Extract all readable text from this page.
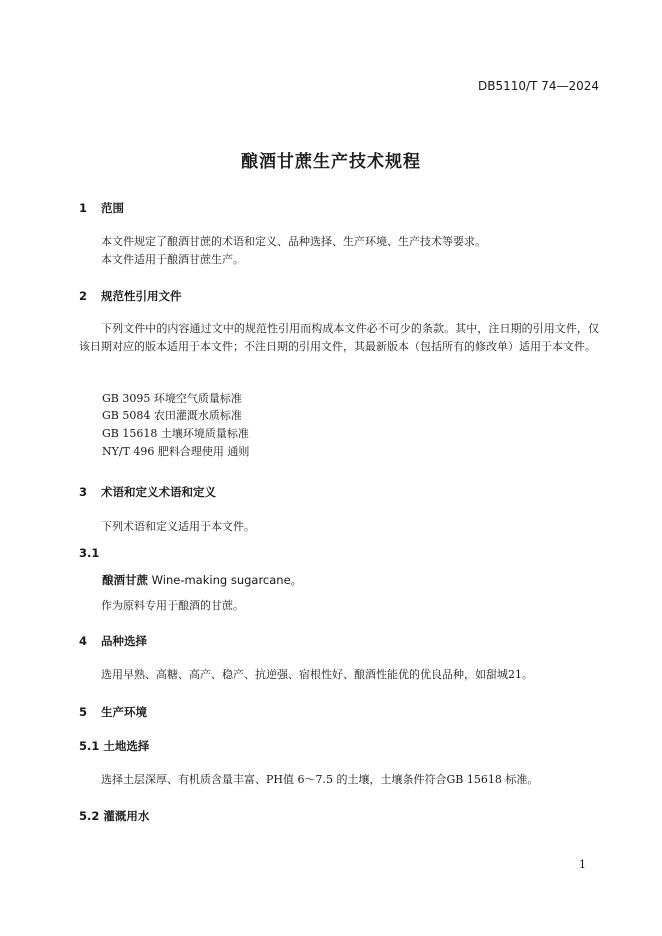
DB5110/T 74—2024
酿酒甘蔗生产技术规程
1 范围
本文件规定了酿酒甘蔗的术语和定义、品种选择、生产环境、生产技术等要求。
本文件适用于酿酒甘蔗生产。
2 规范性引用文件
下列文件中的内容通过文中的规范性引用而构成本文件必不可少的条款。其中，注日期的引用文件，仅该日期对应的版本适用于本文件；不注日期的引用文件，其最新版本（包括所有的修改单）适用于本文件。
GB 3095 环境空气质量标准
GB 5084 农田灌溉水质标准
GB 15618 土壤环境质量标准
NY/T 496 肥料合理使用 通则
3 术语和定义术语和定义
下列术语和定义适用于本文件。
3.1
酿酒甘蔗 Wine-making sugarcane。
作为原料专用于酿酒的甘蔗。
4 品种选择
选用早熟、高糖、高产、稳产、抗逆强、宿根性好、酿酒性能优的优良品种，如甜城21。
5 生产环境
5.1 土地选择
选择土层深厚、有机质含量丰富、PH值 6～7.5 的土壤，土壤条件符合GB 15618 标准。
5.2 灌溉用水
1
